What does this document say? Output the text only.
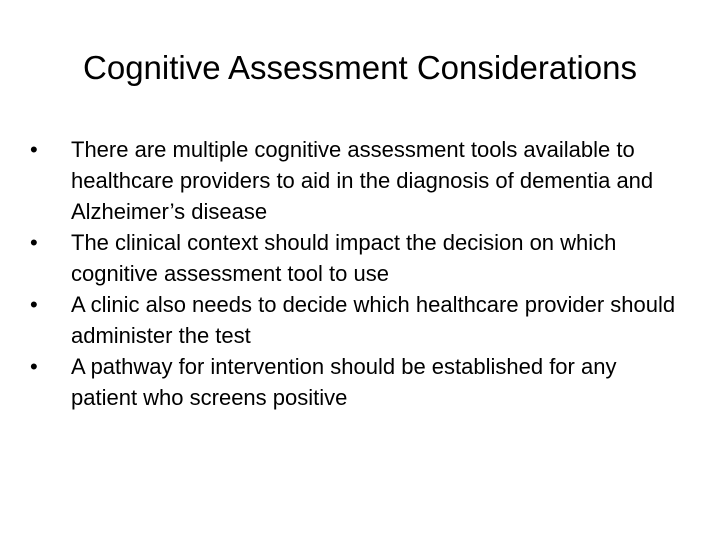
Cognitive Assessment Considerations
• There are multiple cognitive assessment tools available to healthcare providers to aid in the diagnosis of dementia and Alzheimer’s disease
• The clinical context should impact the decision on which cognitive assessment tool to use
• A clinic also needs to decide which healthcare provider should administer the test
• A pathway for intervention should be established for any patient who screens positive
